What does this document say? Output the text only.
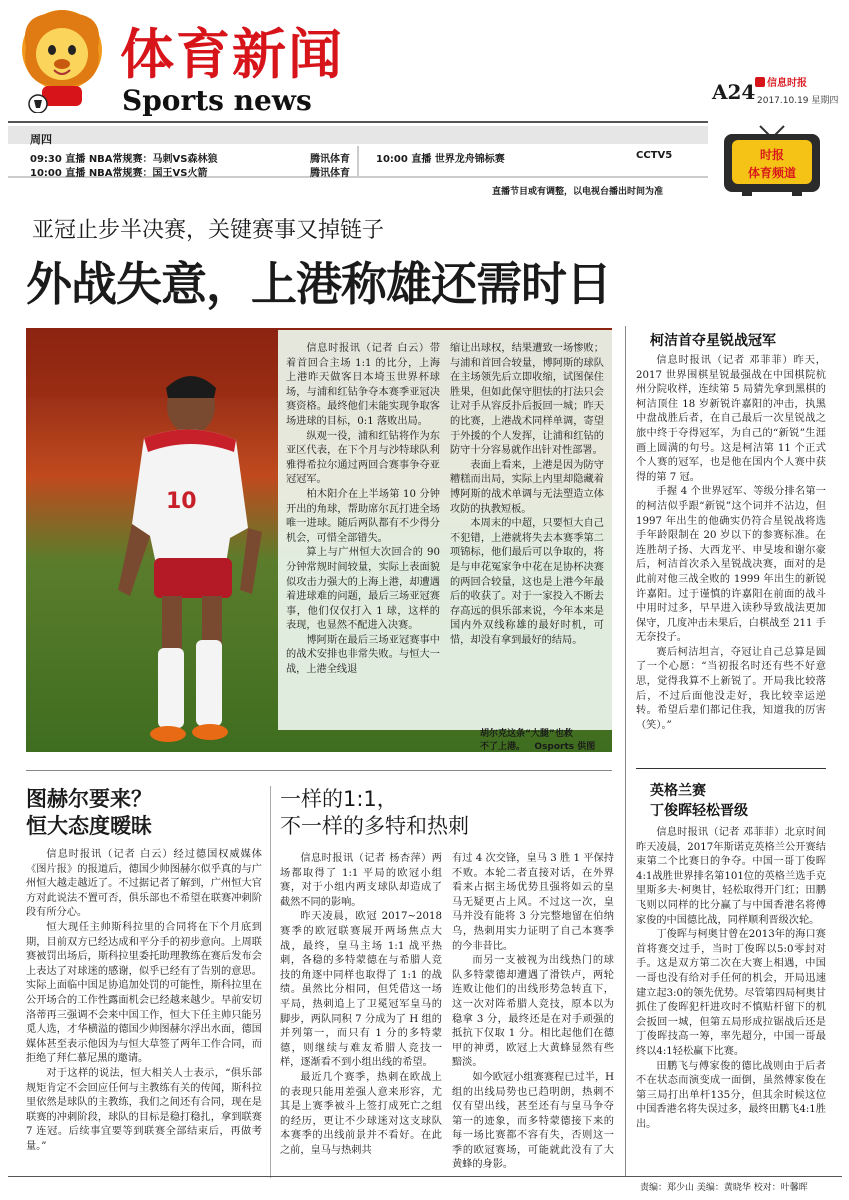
体育新闻
Sports news	A24	信息时报
2017.10.19 星期四
周四
09:30 直播 NBA常规赛：马刺VS森林狼	腾讯体育
10:00 直播 NBA常规赛：国王VS火箭	腾讯体育
10:00 直播 世界龙舟锦标赛	CCTV5
直播节目或有调整，以电视台播出时间为准
时报
体育频道
亚冠止步半决赛，关键赛事又掉链子
外战失意，上港称雄还需时日
10

信息时报讯（记者 白云）带着首回合主场 1:1 的比分，上海上港昨天做客日本埼玉世界杯球场，与浦和红钻争夺本赛季亚冠决赛资格。最终他们未能实现争取客场进球的目标，0:1 落败出局。

纵观一役，浦和红钻将作为东亚区代表，在下个月与沙特球队利雅得希拉尔通过两回合赛事争夺亚冠冠军。

柏木阳介在上半场第 10 分钟开出的角球，帮助席尔瓦打进全场唯一进球。随后两队都有不少得分机会，可惜全部错失。

算上与广州恒大次回合的 90 分钟常规时间较量，实际上表面貌似攻击力强大的上海上港，却遭遇着进球难的问题，最后三场亚冠赛事，他们仅仅打入 1 球，这样的表现，也显然不配进入决赛。

博阿斯在最后三场亚冠赛事中的战术安排也非常失败。与恒大一战，上港全线退

缩让出球权，结果遭致一场惨败；与浦和首回合较量，博阿斯的球队在主场领先后立即收缩，试图保住胜果，但如此保守胆怯的打法只会让对手从容反扑后扳回一城；昨天的比赛，上港战术同样单调，寄望于外援的个人发挥，让浦和红钻的防守十分容易就作出针对性部署。

表面上看来，上港是因为防守糟糕而出局，实际上内里却隐藏着博阿斯的战术单调与无法塑造立体攻防的执教短板。

本周末的中超，只要恒大自己不犯错，上港就将失去本赛季第二项锦标，他们最后可以争取的，将是与申花冤家争中花在足协杯决赛的两回合较量，这也是上港今年最后的收获了。对于一家投入不断去存高远的俱乐部来说，今年本来是国内外双线称雄的最好时机，可惜，却没有拿到最好的结局。

胡尔克这条“大腿”也救
不了上港。 Osports 供图
柯洁首夺星锐战冠军

信息时报讯（记者 邓菲菲）昨天，2017 世界围棋星锐最强战在中国棋院杭州分院收样，连续第 5 局猜先拿到黑棋的柯洁顶住 18 岁新锐许嘉阳的冲击，执黑中盘战胜后者，在自己最后一次星锐战之旅中终于夺得冠军，为自己的“新锐”生涯画上圆满的句号。这是柯洁第 11 个正式个人赛的冠军，也是他在国内个人赛中获得的第 7 冠。

手握 4 个世界冠军、等级分排名第一的柯洁似乎跟“新锐”这个词并不沾边，但 1997 年出生的他确实仍符合星锐战将选手年龄限制在 20 岁以下的参赛标准。在连胜胡子扬、大西龙平、申旻埈和谢尔豪后，柯洁首次杀入星锐战决赛，面对的是此前对他三战全败的 1999 年出生的新锐许嘉阳。过于谨慎的许嘉阳在前面的战斗中用时过多，早早进入读秒导致战法更加保守，几度冲击未果后，白棋战至 211 手无奈投子。

赛后柯洁坦言，夺冠让自己总算是圆了一个心愿：“当初报名时还有些不好意思，觉得我算不上新锐了。开局我比较落后，不过后面他没走好，我比较幸运逆转。希望后辈们都记住我，知道我的厉害（笑）。”

英格兰赛
丁俊晖轻松晋级

信息时报讯（记者 邓菲菲）北京时间昨天凌晨，2017年斯诺克英格兰公开赛结束第二个比赛日的争夺。中国一哥丁俊晖4:1战胜世界排名第101位的英格兰选手克里斯多夫·柯奥甘，轻松取得开门红；田鹏飞则以同样的比分赢了与中国香港名将傅家俊的中国德比战，同样顺利晋级次轮。

丁俊晖与柯奥甘曾在2013年的海口赛首将赛交过手，当时丁俊晖以5:0零封对手。这是双方第二次在大赛上相遇，中国一哥也没有给对手任何的机会，开局迅速建立起3:0的领先优势。尽管第四局柯奥甘抓住了俊晖犯杆进攻时不慎贴杆留下的机会扳回一城，但第五局形成拉锯战后还是丁俊晖技高一筹，率先超分，中国一哥最终以4:1轻松赢下比赛。

田鹏飞与傅家俊的德比战则由于后者不在状态而演变成一面倒，虽然傅家俊在第三局打出单杆135分，但其余时候这位中国香港名将失误过多，最终田鹏飞4:1胜出。

图赫尔要来？
恒大态度暧昧

信息时报讯（记者 白云）经过德国权威媒体《图片报》的报道后，德国少帅图赫尔似乎真的与广州恒大越走越近了。不过据记者了解到，广州恒大官方对此说法不置可否，俱乐部也不希望在联赛冲刺阶段有所分心。

恒大现任主帅斯科拉里的合同将在下个月底到期，目前双方已经达成和平分手的初步意向。上周联赛被罚出场后，斯科拉里委托助理教练在赛后发布会上表达了对球迷的感谢，似乎已经有了告别的意思。实际上面临中国足协追加处罚的可能性，斯科拉里在公开场合的工作性露面机会已经越来越少。早前安切洛蒂再三强调不会来中国工作，恒大下任主帅只能另觅人选，才华横溢的德国少帅图赫尔浮出水面，德国媒体甚至表示他因为与恒大草签了两年工作合同，而拒绝了拜仁慕尼黑的邀请。

对于这样的说法，恒大相关人士表示，“俱乐部规矩肯定不会回应任何与主教练有关的传闻，斯科拉里依然是球队的主教练，我们之间还有合同，现在是联赛的冲刺阶段，球队的目标是稳打稳扎，拿到联赛 7 连冠。后续事宜要等到联赛全部结束后，再做考量。”

一样的1:1，
不一样的多特和热刺

信息时报讯（记者 杨杏萍）两场都取得了 1:1 平局的欧冠小组赛，对于小组内两支球队却造成了截然不同的影响。

昨天凌晨，欧冠 2017~2018 赛季的欧冠联赛展开两场焦点大战，最终，皇马主场 1:1 战平热刺，各稳的多特蒙德在与希腊人竞技的角逐中同样也取得了 1:1 的战绩。虽然比分相同，但凭借这一场平局，热刺追上了卫冕冠军皇马的脚步，两队同积 7 分成为了 H 组的并列第一，而只有 1 分的多特蒙德，则继续与难友希腊人竞技一样，逐渐看不到小组出线的希望。

最近几个赛季，热刺在欧战上的表现只能用差强人意来形容，尤其是上赛季被斗上签打成死亡之组的经历，更让不少球迷对这支球队本赛季的出线前景并不看好。在此之前，皇马与热刺共

有过 4 次交锋，皇马 3 胜 1 平保持不败。本轮二者直接对话，在外界看来占据主场优势且强将如云的皇马无疑更占上风。不过这一次，皇马并没有能将 3 分完整地留在伯纳乌，热刺用实力证明了自己本赛季的今非昔比。

而另一支被视为出线热门的球队多特蒙德却遭遇了滑铁卢，两轮连败让他们的出线形势急转直下，这一次对阵希腊人竞技，原本以为稳拿 3 分，最终还是在对手顽强的抵抗下仅取 1 分。相比起他们在德甲的神勇，欧冠上大黄蜂显然有些黯淡。

如今欧冠小组赛赛程已过半，H 组的出线局势也已趋明朗，热刺不仅有望出线，甚至还有与皇马争夺第一的迹象，而多特蒙德接下来的每一场比赛都不容有失，否则这一季的欧冠赛场，可能就此没有了大黄蜂的身影。

责编：郑少山 美编：黄晓华 校对：叶馨晖
